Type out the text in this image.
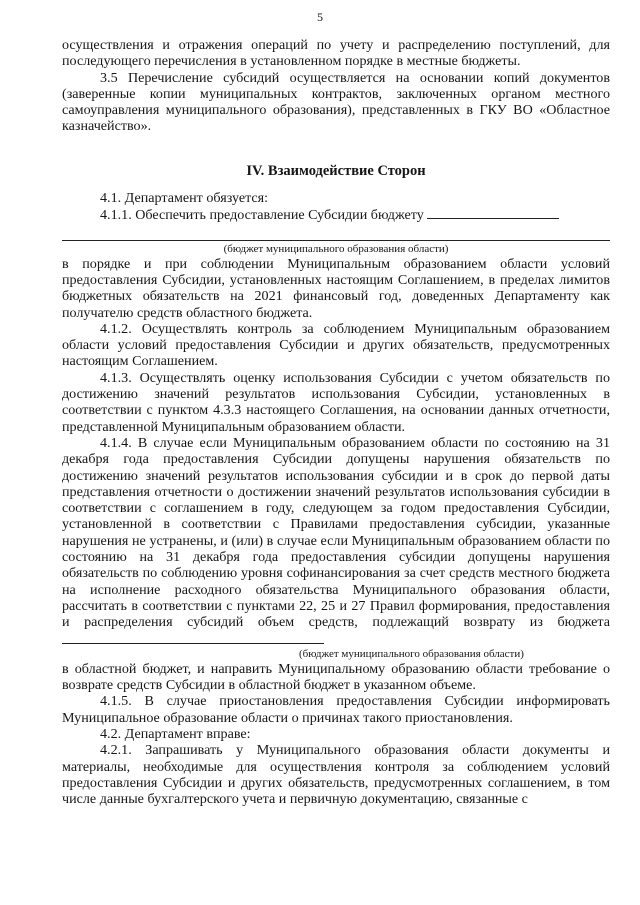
5

осуществления и отражения операций по учету и распределению поступлений, для последующего перечисления в установленном порядке в местные бюджеты.

3.5 Перечисление субсидий осуществляется на основании копий документов (заверенные копии муниципальных контрактов, заключенных органом местного самоуправления муниципального образования), представленных в ГКУ ВО «Областное казначейство».

IV. Взаимодействие Сторон

4.1. Департамент обязуется:

4.1.1. Обеспечить предоставление Субсидии бюджету

(бюджет муниципального образования области)

в порядке и при соблюдении Муниципальным образованием области условий предоставления Субсидии, установленных настоящим Соглашением, в пределах лимитов бюджетных обязательств на 2021 финансовый год, доведенных Департаменту как получателю средств областного бюджета.

4.1.2. Осуществлять контроль за соблюдением Муниципальным образованием области условий предоставления Субсидии и других обязательств, предусмотренных настоящим Соглашением.

4.1.3. Осуществлять оценку использования Субсидии с учетом обязательств по достижению значений результатов использования Субсидии, установленных в соответствии с пунктом 4.3.3 настоящего Соглашения, на основании данных отчетности, представленной Муниципальным образованием области.

4.1.4. В случае если Муниципальным образованием области по состоянию на 31 декабря года предоставления Субсидии допущены нарушения обязательств по достижению значений результатов использования субсидии и в срок до первой даты представления отчетности о достижении значений результатов использования субсидии в соответствии с соглашением в году, следующем за годом предоставления Субсидии, установленной в соответствии с Правилами предоставления субсидии, указанные нарушения не устранены, и (или) в случае если Муниципальным образованием области по состоянию на 31 декабря года предоставления субсидии допущены нарушения обязательств по соблюдению уровня софинансирования за счет средств местного бюджета на исполнение расходного обязательства Муниципального образования области, рассчитать в соответствии с пунктами 22, 25 и 27 Правил формирования, предоставления и распределения субсидий объем средств, подлежащий возврату из бюджета

(бюджет муниципального образования области)

в областной бюджет, и направить Муниципальному образованию области требование о возврате средств Субсидии в областной бюджет в указанном объеме.

4.1.5. В случае приостановления предоставления Субсидии информировать Муниципальное образование области о причинах такого приостановления.

4.2. Департамент вправе:

4.2.1. Запрашивать у Муниципального образования области документы и материалы, необходимые для осуществления контроля за соблюдением условий предоставления Субсидии и других обязательств, предусмотренных соглашением, в том числе данные бухгалтерского учета и первичную документацию, связанные с
